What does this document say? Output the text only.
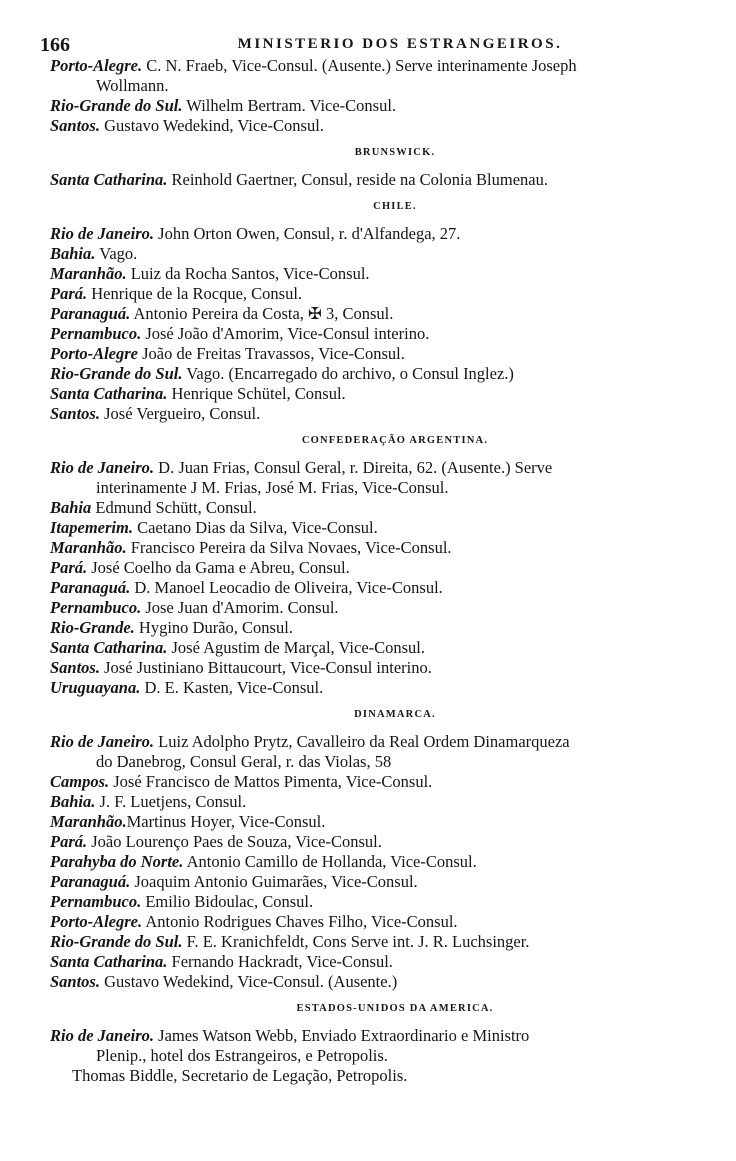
166	MINISTERIO DOS ESTRANGEIROS.
Porto-Alegre. C. N. Fraeb, Vice-Consul. (Ausente.) Serve interinamente Joseph
Wollmann.
Rio-Grande do Sul. Wilhelm Bertram. Vice-Consul.
Santos. Gustavo Wedekind, Vice-Consul.
BRUNSWICK.
Santa Catharina. Reinhold Gaertner, Consul, reside na Colonia Blumenau.
CHILE.
Rio de Janeiro. John Orton Owen, Consul, r. d'Alfandega, 27.
Bahia. Vago.
Maranhão. Luiz da Rocha Santos, Vice-Consul.
Pará. Henrique de la Rocque, Consul.
Paranaguá. Antonio Pereira da Costa, ✠ 3, Consul.
Pernambuco. José João d'Amorim, Vice-Consul interino.
Porto-Alegre João de Freitas Travassos, Vice-Consul.
Rio-Grande do Sul. Vago. (Encarregado do archivo, o Consul Inglez.)
Santa Catharina. Henrique Schütel, Consul.
Santos. José Vergueiro, Consul.
CONFEDERAÇÃO ARGENTINA.
Rio de Janeiro. D. Juan Frias, Consul Geral, r. Direita, 62. (Ausente.) Serve
interinamente J M. Frias, José M. Frias, Vice-Consul.
Bahia Edmund Schütt, Consul.
Itapemerim. Caetano Dias da Silva, Vice-Consul.
Maranhão. Francisco Pereira da Silva Novaes, Vice-Consul.
Pará. José Coelho da Gama e Abreu, Consul.
Paranaguá. D. Manoel Leocadio de Oliveira, Vice-Consul.
Pernambuco. Jose Juan d'Amorim. Consul.
Rio-Grande. Hygino Durão, Consul.
Santa Catharina. José Agustim de Marçal, Vice-Consul.
Santos. José Justiniano Bittaucourt, Vice-Consul interino.
Uruguayana. D. E. Kasten, Vice-Consul.
DINAMARCA.
Rio de Janeiro. Luiz Adolpho Prytz, Cavalleiro da Real Ordem Dinamarqueza
do Danebrog, Consul Geral, r. das Violas, 58
Campos. José Francisco de Mattos Pimenta, Vice-Consul.
Bahia. J. F. Luetjens, Consul.
Maranhão.Martinus Hoyer, Vice-Consul.
Pará. João Lourenço Paes de Souza, Vice-Consul.
Parahyba do Norte. Antonio Camillo de Hollanda, Vice-Consul.
Paranaguá. Joaquim Antonio Guimarães, Vice-Consul.
Pernambuco. Emilio Bidoulac, Consul.
Porto-Alegre. Antonio Rodrigues Chaves Filho, Vice-Consul.
Rio-Grande do Sul. F. E. Kranichfeldt, Cons Serve int. J. R. Luchsinger.
Santa Catharina. Fernando Hackradt, Vice-Consul.
Santos. Gustavo Wedekind, Vice-Consul. (Ausente.)
ESTADOS-UNIDOS DA AMERICA.
Rio de Janeiro. James Watson Webb, Enviado Extraordinario e Ministro
Plenip., hotel dos Estrangeiros, e Petropolis.
Thomas Biddle, Secretario de Legação, Petropolis.
